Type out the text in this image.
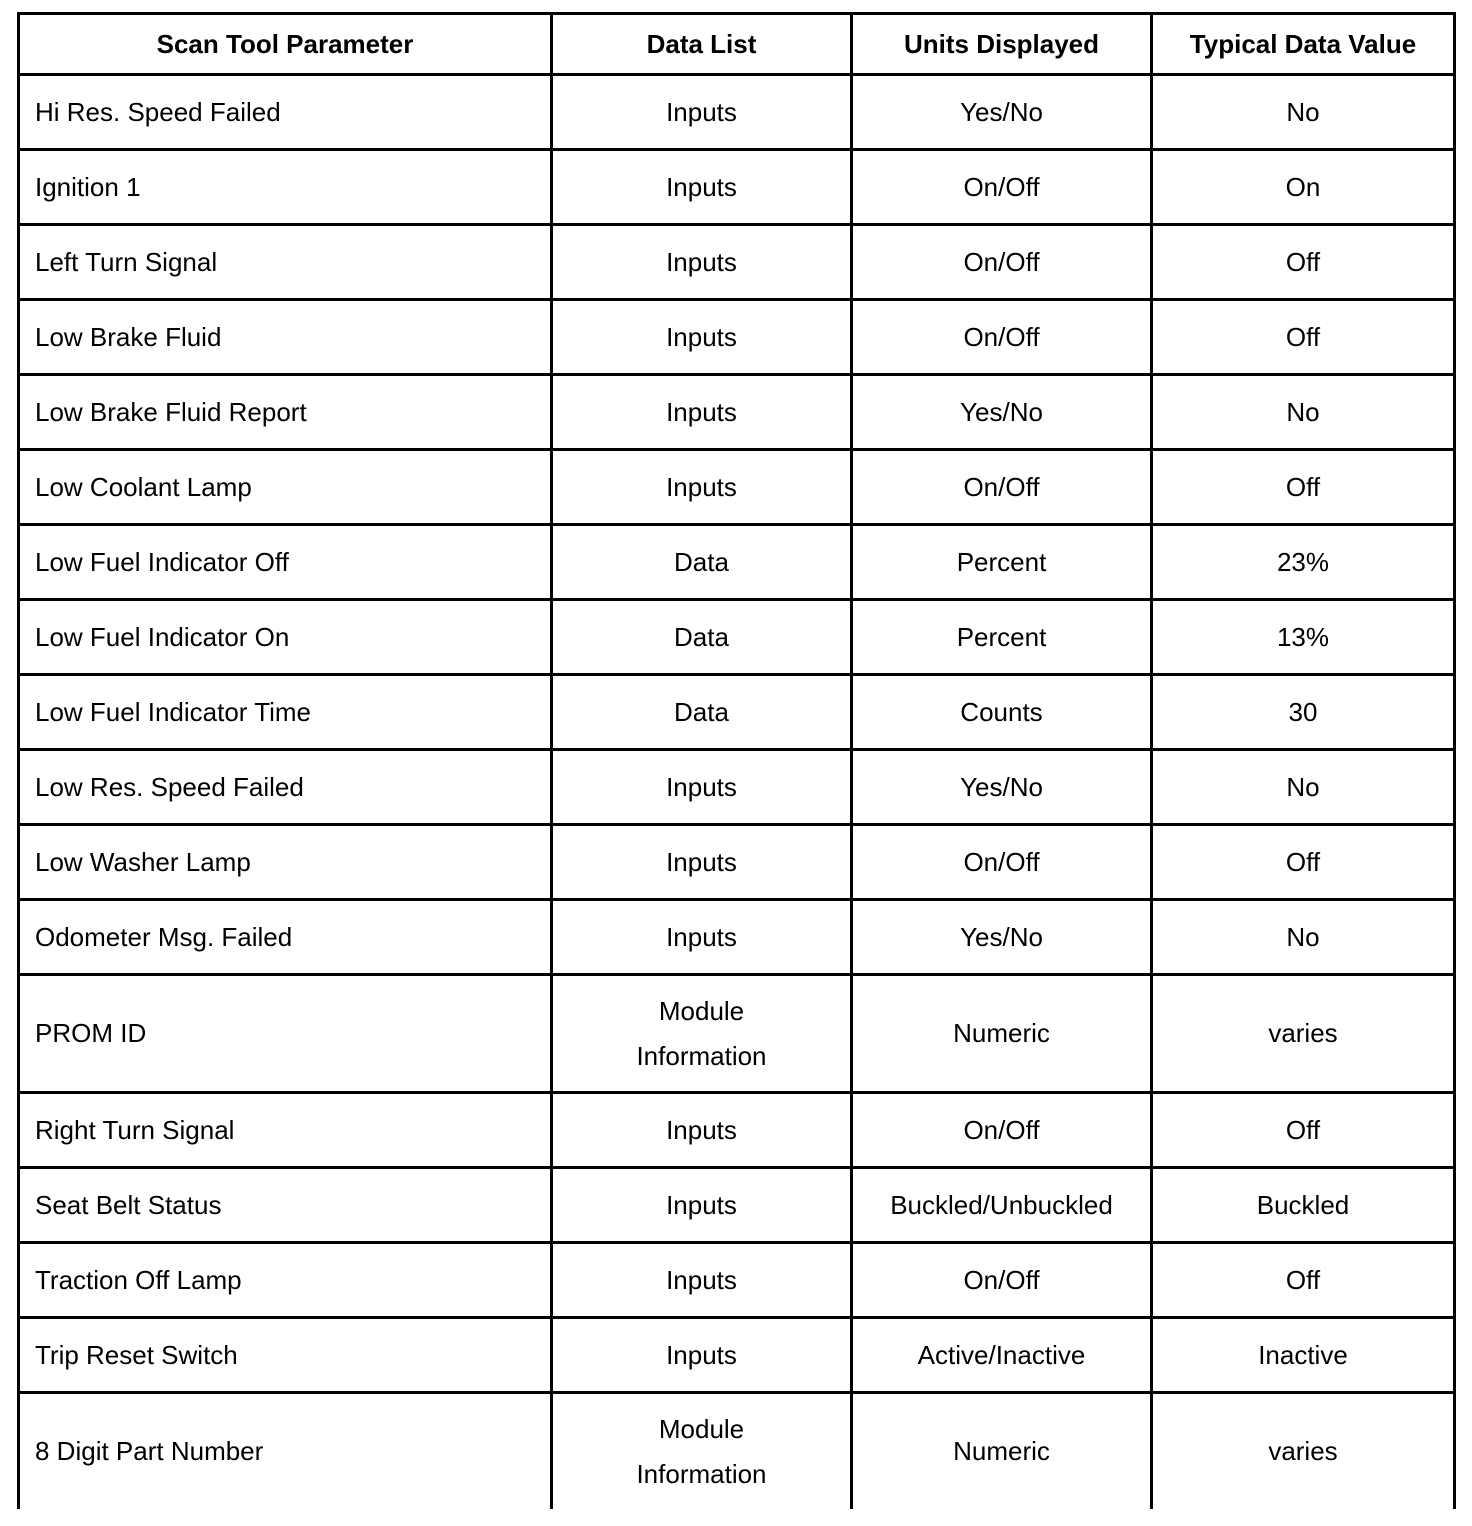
Scan Tool Parameter	Data List	Units Displayed	Typical Data Value
Hi Res. Speed Failed	Inputs	Yes/No	No
Ignition 1	Inputs	On/Off	On
Left Turn Signal	Inputs	On/Off	Off
Low Brake Fluid	Inputs	On/Off	Off
Low Brake Fluid Report	Inputs	Yes/No	No
Low Coolant Lamp	Inputs	On/Off	Off
Low Fuel Indicator Off	Data	Percent	23%
Low Fuel Indicator On	Data	Percent	13%
Low Fuel Indicator Time	Data	Counts	30
Low Res. Speed Failed	Inputs	Yes/No	No
Low Washer Lamp	Inputs	On/Off	Off
Odometer Msg. Failed	Inputs	Yes/No	No
PROM ID	Module Information	Numeric	varies
Right Turn Signal	Inputs	On/Off	Off
Seat Belt Status	Inputs	Buckled/Unbuckled	Buckled
Traction Off Lamp	Inputs	On/Off	Off
Trip Reset Switch	Inputs	Active/Inactive	Inactive
8 Digit Part Number	Module Information	Numeric	varies
